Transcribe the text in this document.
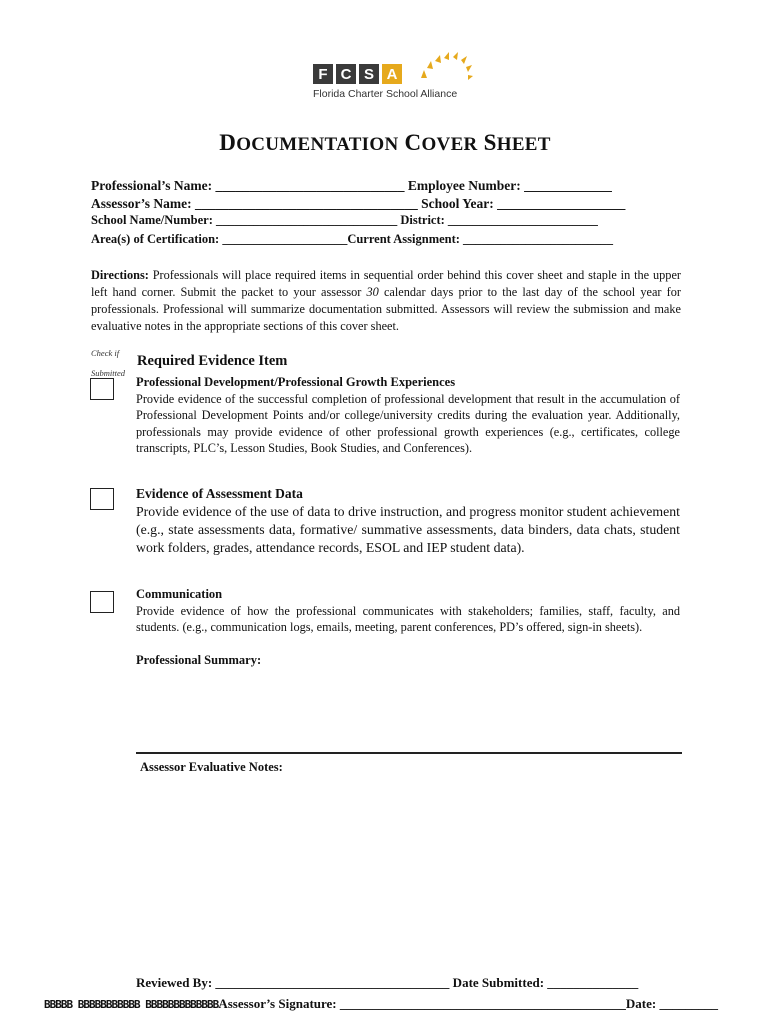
F C S A
Florida Charter School Alliance
DOCUMENTATION COVER SHEET
Professional’s Name: ____________________________ Employee Number: _____________
Assessor’s Name: _________________________________ School Year: ___________________
School Name/Number: _____________________________ District: ________________________
Area(s) of Certification: ____________________Current Assignment: ________________________
Directions: Professionals will place required items in sequential order behind this cover sheet and staple in the upper left hand corner. Submit the packet to your assessor 30 calendar days prior to the last day of the school year for professionals. Professional will summarize documentation submitted. Assessors will review the submission and make evaluative notes in the appropriate sections of this cover sheet.
Check if
Submitted
Required Evidence Item
Professional Development/Professional Growth Experiences
Provide evidence of the successful completion of professional development that result in the accumulation of Professional Development Points and/or college/university credits during the evaluation year. Additionally, professionals may provide evidence of other professional growth experiences (e.g., certificates, college transcripts, PLC’s, Lesson Studies, Book Studies, and Conferences).
Evidence of Assessment Data
Provide evidence of the use of data to drive instruction, and progress monitor student achievement (e.g., state assessments data, formative/ summative assessments, data binders, data chats, student work folders, grades, attendance records, ESOL and IEP student data).
Communication
Provide evidence of how the professional communicates with stakeholders; families, staff, faculty, and students. (e.g., communication logs, emails, meeting, parent conferences, PD’s offered, sign-in sheets).
Professional Summary:
Assessor Evaluative Notes:
Reviewed By: ____________________________________ Date Submitted: ______________
BBBBB BBBBBBBBBBB BBBBBBBBBBBBBAssessor’s Signature: ____________________________________________Date: _________
